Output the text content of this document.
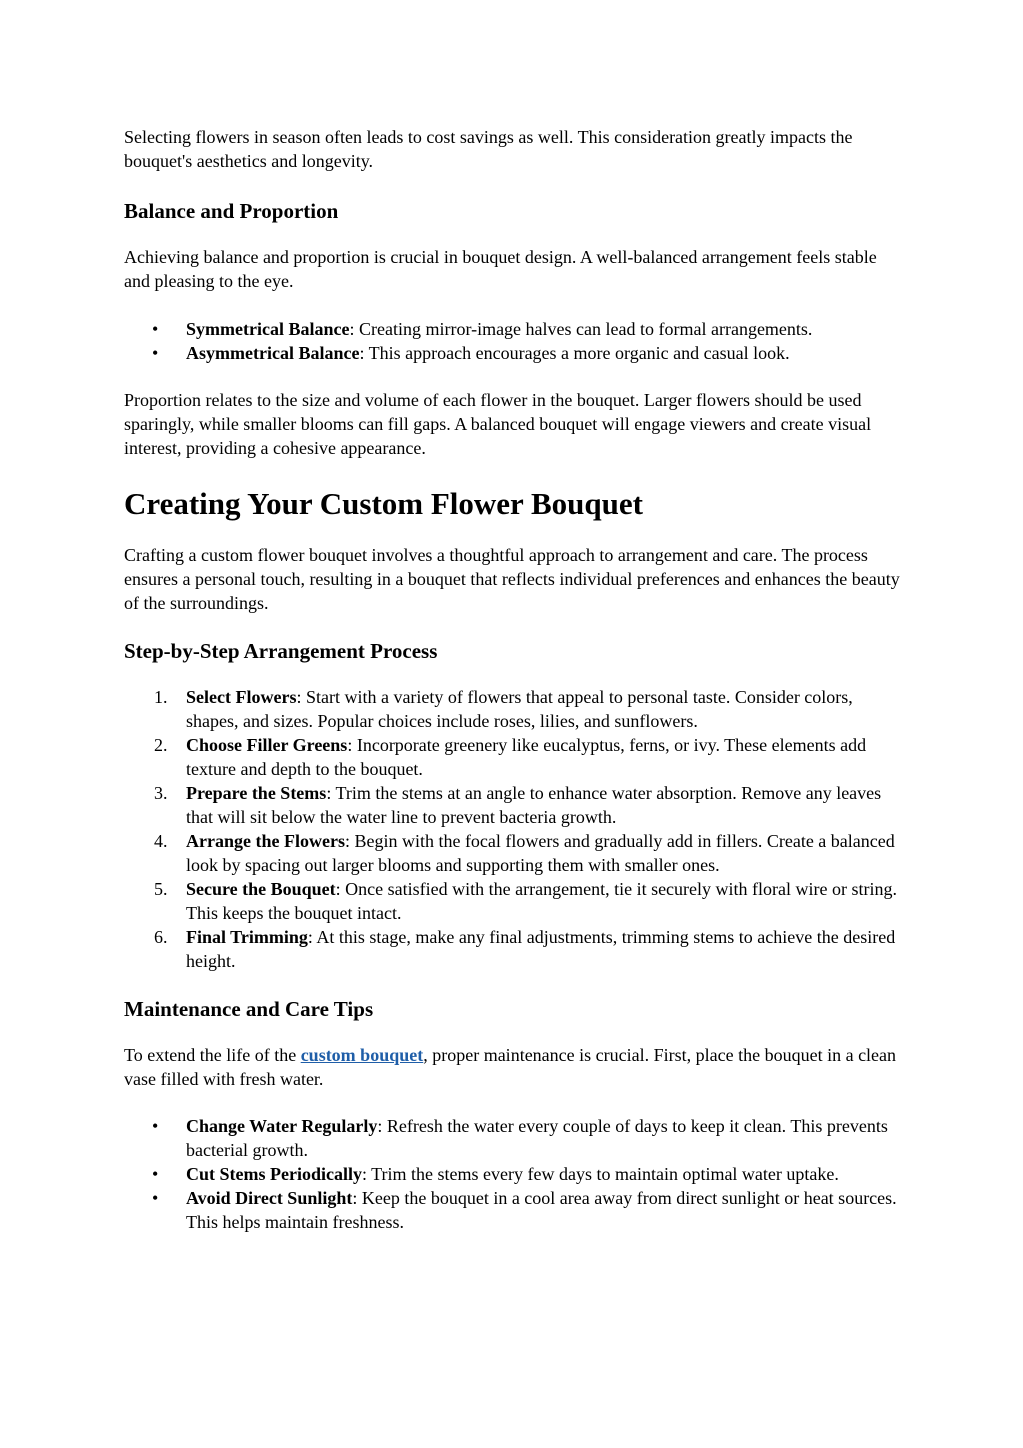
Selecting flowers in season often leads to cost savings as well. This consideration greatly impacts the bouquet's aesthetics and longevity.

Balance and Proportion

Achieving balance and proportion is crucial in bouquet design. A well-balanced arrangement feels stable and pleasing to the eye.

•	Symmetrical Balance: Creating mirror-image halves can lead to formal arrangements.
•	Asymmetrical Balance: This approach encourages a more organic and casual look.

Proportion relates to the size and volume of each flower in the bouquet. Larger flowers should be used sparingly, while smaller blooms can fill gaps. A balanced bouquet will engage viewers and create visual interest, providing a cohesive appearance.

Creating Your Custom Flower Bouquet

Crafting a custom flower bouquet involves a thoughtful approach to arrangement and care. The process ensures a personal touch, resulting in a bouquet that reflects individual preferences and enhances the beauty of the surroundings.

Step-by-Step Arrangement Process
1.	Select Flowers: Start with a variety of flowers that appeal to personal taste. Consider colors, shapes, and sizes. Popular choices include roses, lilies, and sunflowers.
2.	Choose Filler Greens: Incorporate greenery like eucalyptus, ferns, or ivy. These elements add texture and depth to the bouquet.
3.	Prepare the Stems: Trim the stems at an angle to enhance water absorption. Remove any leaves that will sit below the water line to prevent bacteria growth.
4.	Arrange the Flowers: Begin with the focal flowers and gradually add in fillers. Create a balanced look by spacing out larger blooms and supporting them with smaller ones.
5.	Secure the Bouquet: Once satisfied with the arrangement, tie it securely with floral wire or string. This keeps the bouquet intact.
6.	Final Trimming: At this stage, make any final adjustments, trimming stems to achieve the desired height.
Maintenance and Care Tips

To extend the life of the custom bouquet, proper maintenance is crucial. First, place the bouquet in a clean vase filled with fresh water.

•	Change Water Regularly: Refresh the water every couple of days to keep it clean. This prevents bacterial growth.
•	Cut Stems Periodically: Trim the stems every few days to maintain optimal water uptake.
•	Avoid Direct Sunlight: Keep the bouquet in a cool area away from direct sunlight or heat sources. This helps maintain freshness.
